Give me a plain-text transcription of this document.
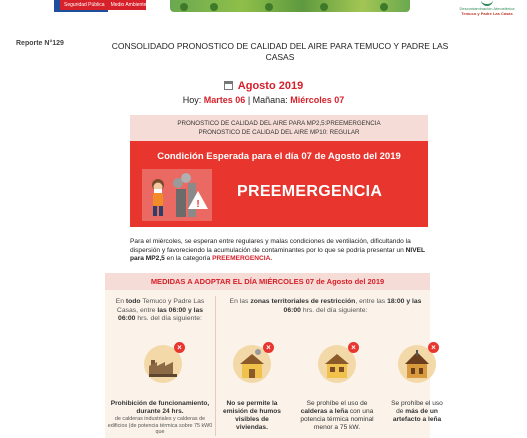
Seguridad Pública Medio Ambiente
Descontaminación Atmosférica
Temuco y Padre Las Casas
Reporte N°129	CONSOLIDADO PRONOSTICO DE CALIDAD DEL AIRE PARA TEMUCO Y PADRE LAS CASAS
Agosto 2019
Hoy: Martes 06 | Mañana: Miércoles 07
PRONOSTICO DE CALIDAD DEL AIRE PARA MP2,5:PREEMERGENCIA
PRONOSTICO DE CALIDAD DEL AIRE MP10: REGULAR
Condición Esperada para el día 07 de Agosto del 2019
!
PREEMERGENCIA
Para el miércoles, se esperan entre regulares y malas condiciones de ventilación, dificultando la dispersión y favoreciendo la acumulación de contaminantes por lo que se podría presentar un NIVEL para MP2,5 en la categoría PREEMERGENCIA.
MEDIDAS A ADOPTAR EL DÍA MIÉRCOLES 07 de Agosto del 2019
En todo Temuco y Padre Las Casas, entre las 06:00 y las 06:00 hrs. del día siguiente:
En las zonas territoriales de restricción, entre las 18:00 y las 06:00 hrs. del día siguiente:
×	×	×	×
Prohibición de funcionamiento, durante 24 hrs.
de calderas industriales y calderas de edificios (de potencia térmica sobre 75 kW0 que
No se permite la emisión de humos visibles de viviendas.
Se prohíbe el uso de calderas a leña con una potencia térmica nominal menor a 75 kW.
Se prohíbe el uso de más de un artefacto a leña
